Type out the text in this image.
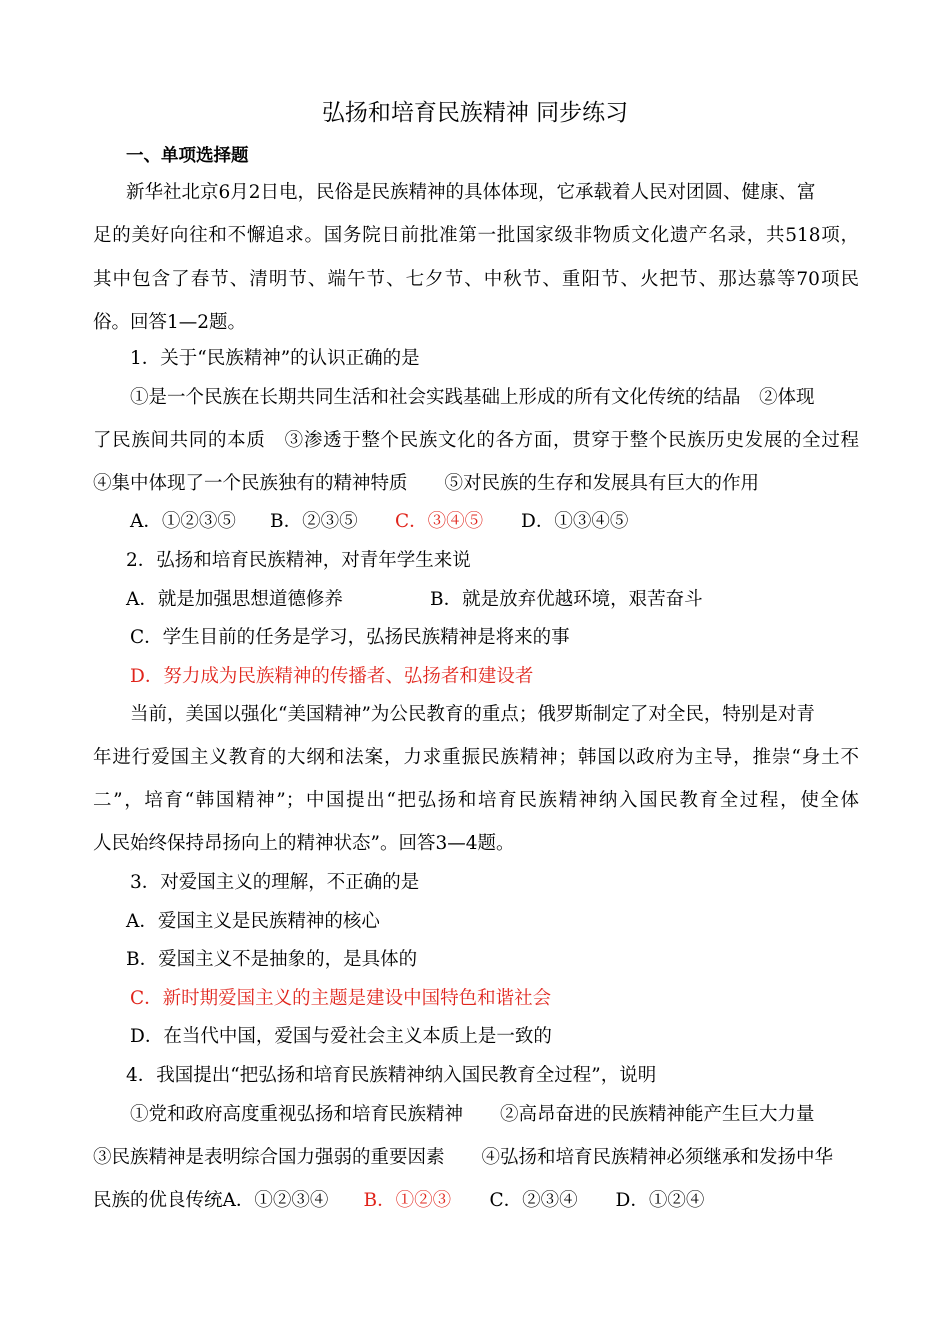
弘扬和培育民族精神 同步练习
一、单项选择题
新华社北京6月2日电，民俗是民族精神的具体体现，它承载着人民对团圆、健康、富
足的美好向往和不懈追求。国务院日前批准第一批国家级非物质文化遗产名录，共518项，
其中包含了春节、清明节、端午节、七夕节、中秋节、重阳节、火把节、那达慕等70项民
俗。回答1—2题。
1．关于“民族精神”的认识正确的是
①是一个民族在长期共同生活和社会实践基础上形成的所有文化传统的结晶　②体现
了民族间共同的本质　③渗透于整个民族文化的各方面，贯穿于整个民族历史发展的全过程
④集中体现了一个民族独有的精神特质　　⑤对民族的生存和发展具有巨大的作用
A．①②③⑤ B．②③⑤ C．③④⑤ D．①③④⑤
2．弘扬和培育民族精神，对青年学生来说
A．就是加强思想道德修养	B．就是放弃优越环境，艰苦奋斗
C．学生目前的任务是学习，弘扬民族精神是将来的事
D．努力成为民族精神的传播者、弘扬者和建设者
当前，美国以强化“美国精神”为公民教育的重点；俄罗斯制定了对全民，特别是对青
年进行爱国主义教育的大纲和法案，力求重振民族精神；韩国以政府为主导，推崇“身土不
二”，培育“韩国精神”；中国提出“把弘扬和培育民族精神纳入国民教育全过程，使全体
人民始终保持昂扬向上的精神状态”。回答3—4题。
3．对爱国主义的理解，不正确的是
A．爱国主义是民族精神的核心
B．爱国主义不是抽象的，是具体的
C．新时期爱国主义的主题是建设中国特色和谐社会
D．在当代中国，爱国与爱社会主义本质上是一致的
4．我国提出“把弘扬和培育民族精神纳入国民教育全过程”，说明
①党和政府高度重视弘扬和培育民族精神　　②高昂奋进的民族精神能产生巨大力量
③民族精神是表明综合国力强弱的重要因素　　④弘扬和培育民族精神必须继承和发扬中华
民族的优良传统A．①②③④ B．①②③ C．②③④ D．①②④
